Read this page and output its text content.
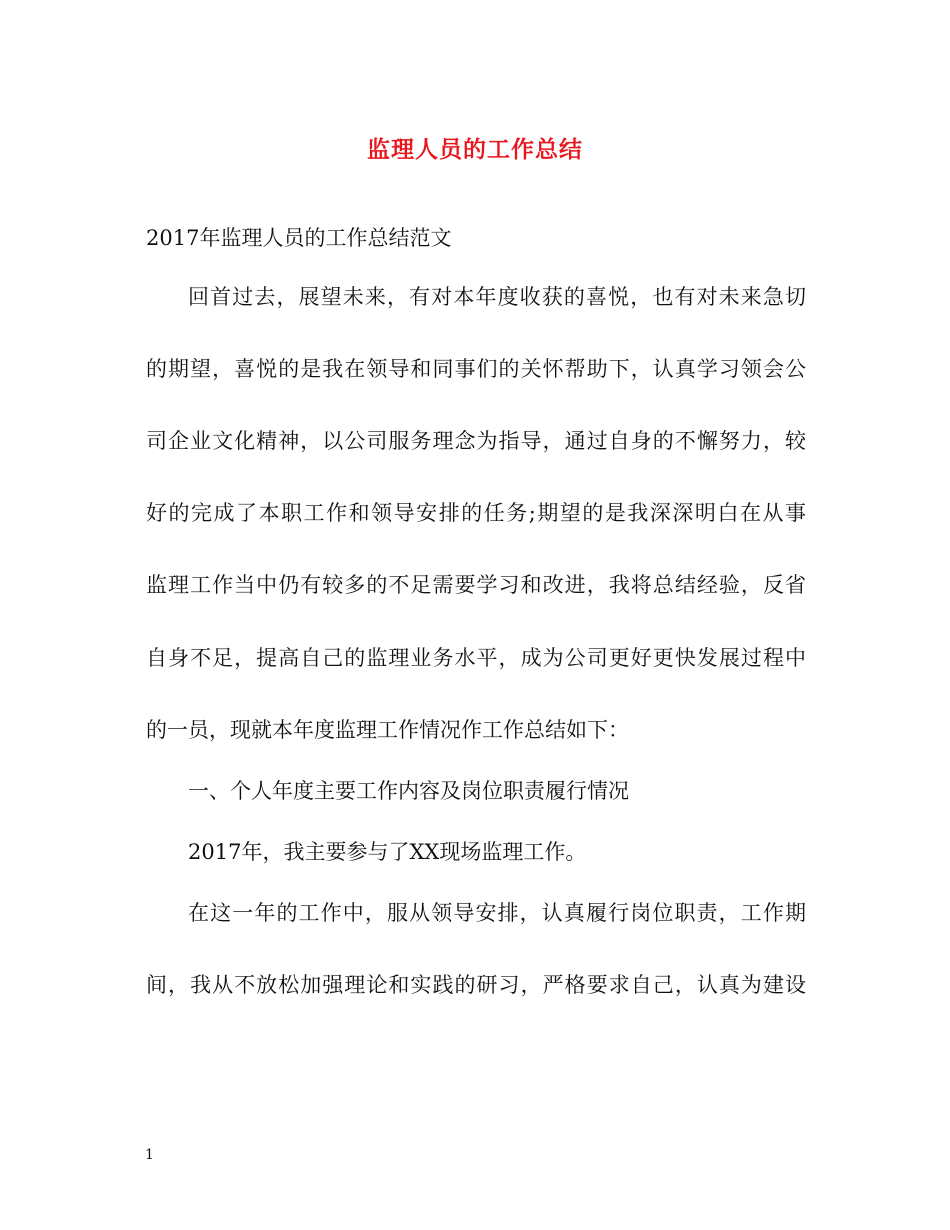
监理人员的工作总结
2017年监理人员的工作总结范文
回首过去，展望未来，有对本年度收获的喜悦，也有对未来急切
的期望，喜悦的是我在领导和同事们的关怀帮助下，认真学习领会公
司企业文化精神，以公司服务理念为指导，通过自身的不懈努力，较
好的完成了本职工作和领导安排的任务;期望的是我深深明白在从事
监理工作当中仍有较多的不足需要学习和改进，我将总结经验，反省
自身不足，提高自己的监理业务水平，成为公司更好更快发展过程中
的一员，现就本年度监理工作情况作工作总结如下：
一、个人年度主要工作内容及岗位职责履行情况
2017年，我主要参与了XX现场监理工作。
在这一年的工作中，服从领导安排，认真履行岗位职责，工作期
间，我从不放松加强理论和实践的研习，严格要求自己，认真为建设
1
